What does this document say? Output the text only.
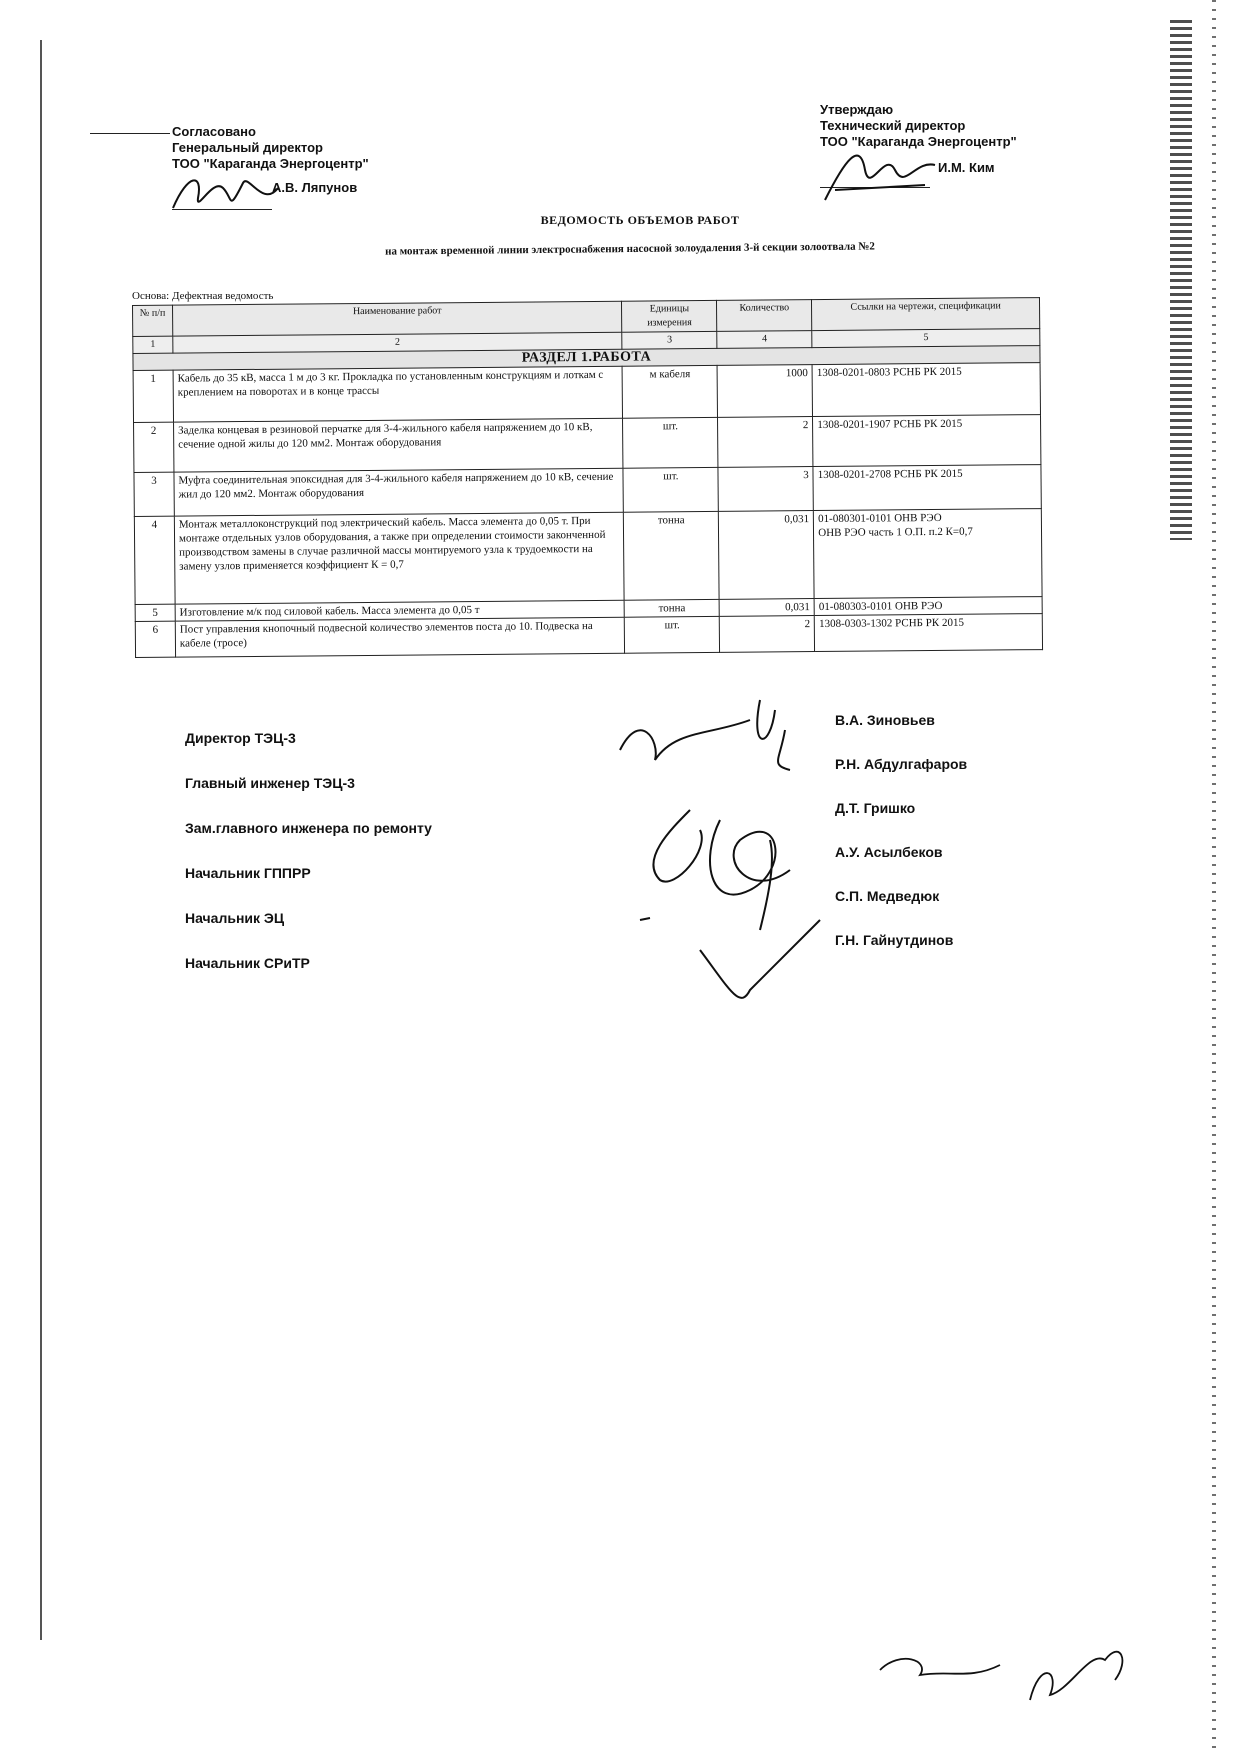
Согласовано
Генеральный директор
ТОО "Караганда Энергоцентр"
А.В. Ляпунов
Утверждаю
Технический директор
ТОО "Караганда Энергоцентр"
И.М. Ким
ВЕДОМОСТЬ ОБЪЕМОВ РАБОТ
на монтаж временной линии электроснабжения насосной золоудаления 3-й секции золоотвала №2
Основа: Дефектная ведомость
№ п/п	Наименование работ	Единицы измерения	Количество	Ссылки на чертежи, спецификации
1	2	3	4	5
РАЗДЕЛ 1.РАБОТА				
1	Кабель до 35 кВ, масса 1 м до 3 кг. Прокладка по установленным конструкциям и лоткам с креплением на поворотах и в конце трассы	м кабеля	1000	1308-0201-0803 РСНБ РК 2015
2	Заделка концевая в резиновой перчатке для 3-4-жильного кабеля напряжением до 10 кВ, сечение одной жилы до 120 мм2. Монтаж оборудования	шт.	2	1308-0201-1907 РСНБ РК 2015
3	Муфта соединительная эпоксидная для 3-4-жильного кабеля напряжением до 10 кВ, сечение жил до 120 мм2. Монтаж оборудования	шт.	3	1308-0201-2708 РСНБ РК 2015
4	Монтаж металлоконструкций под электрический кабель. Масса элемента до 0,05 т. При монтаже отдельных узлов оборудования, а также при определении стоимости законченной производством замены в случае различной массы монтируемого узла к трудоемкости на замену узлов применяется коэффициент К = 0,7	тонна	0,031	01-080301-0101 ОНВ РЭО
ОНВ РЭО часть 1 О.П. п.2 К=0,7

5	Изготовление м/к под силовой кабель. Масса элемента до 0,05 т	тонна	0,031	01-080303-0101 ОНВ РЭО
6	Пост управления кнопочный подвесной количество элементов поста до 10. Подвеска на кабеле (тросе)	шт.	2	1308-0303-1302 РСНБ РК 2015
Директор ТЭЦ-3
Главный инженер ТЭЦ-3
Зам.главного инженера по ремонту
Начальник ГППРР
Начальник ЭЦ
Начальник СРиТР
В.А. Зиновьев
Р.Н. Абдулгафаров
Д.Т. Гришко
А.У. Асылбеков
С.П. Медведюк
Г.Н. Гайнутдинов
